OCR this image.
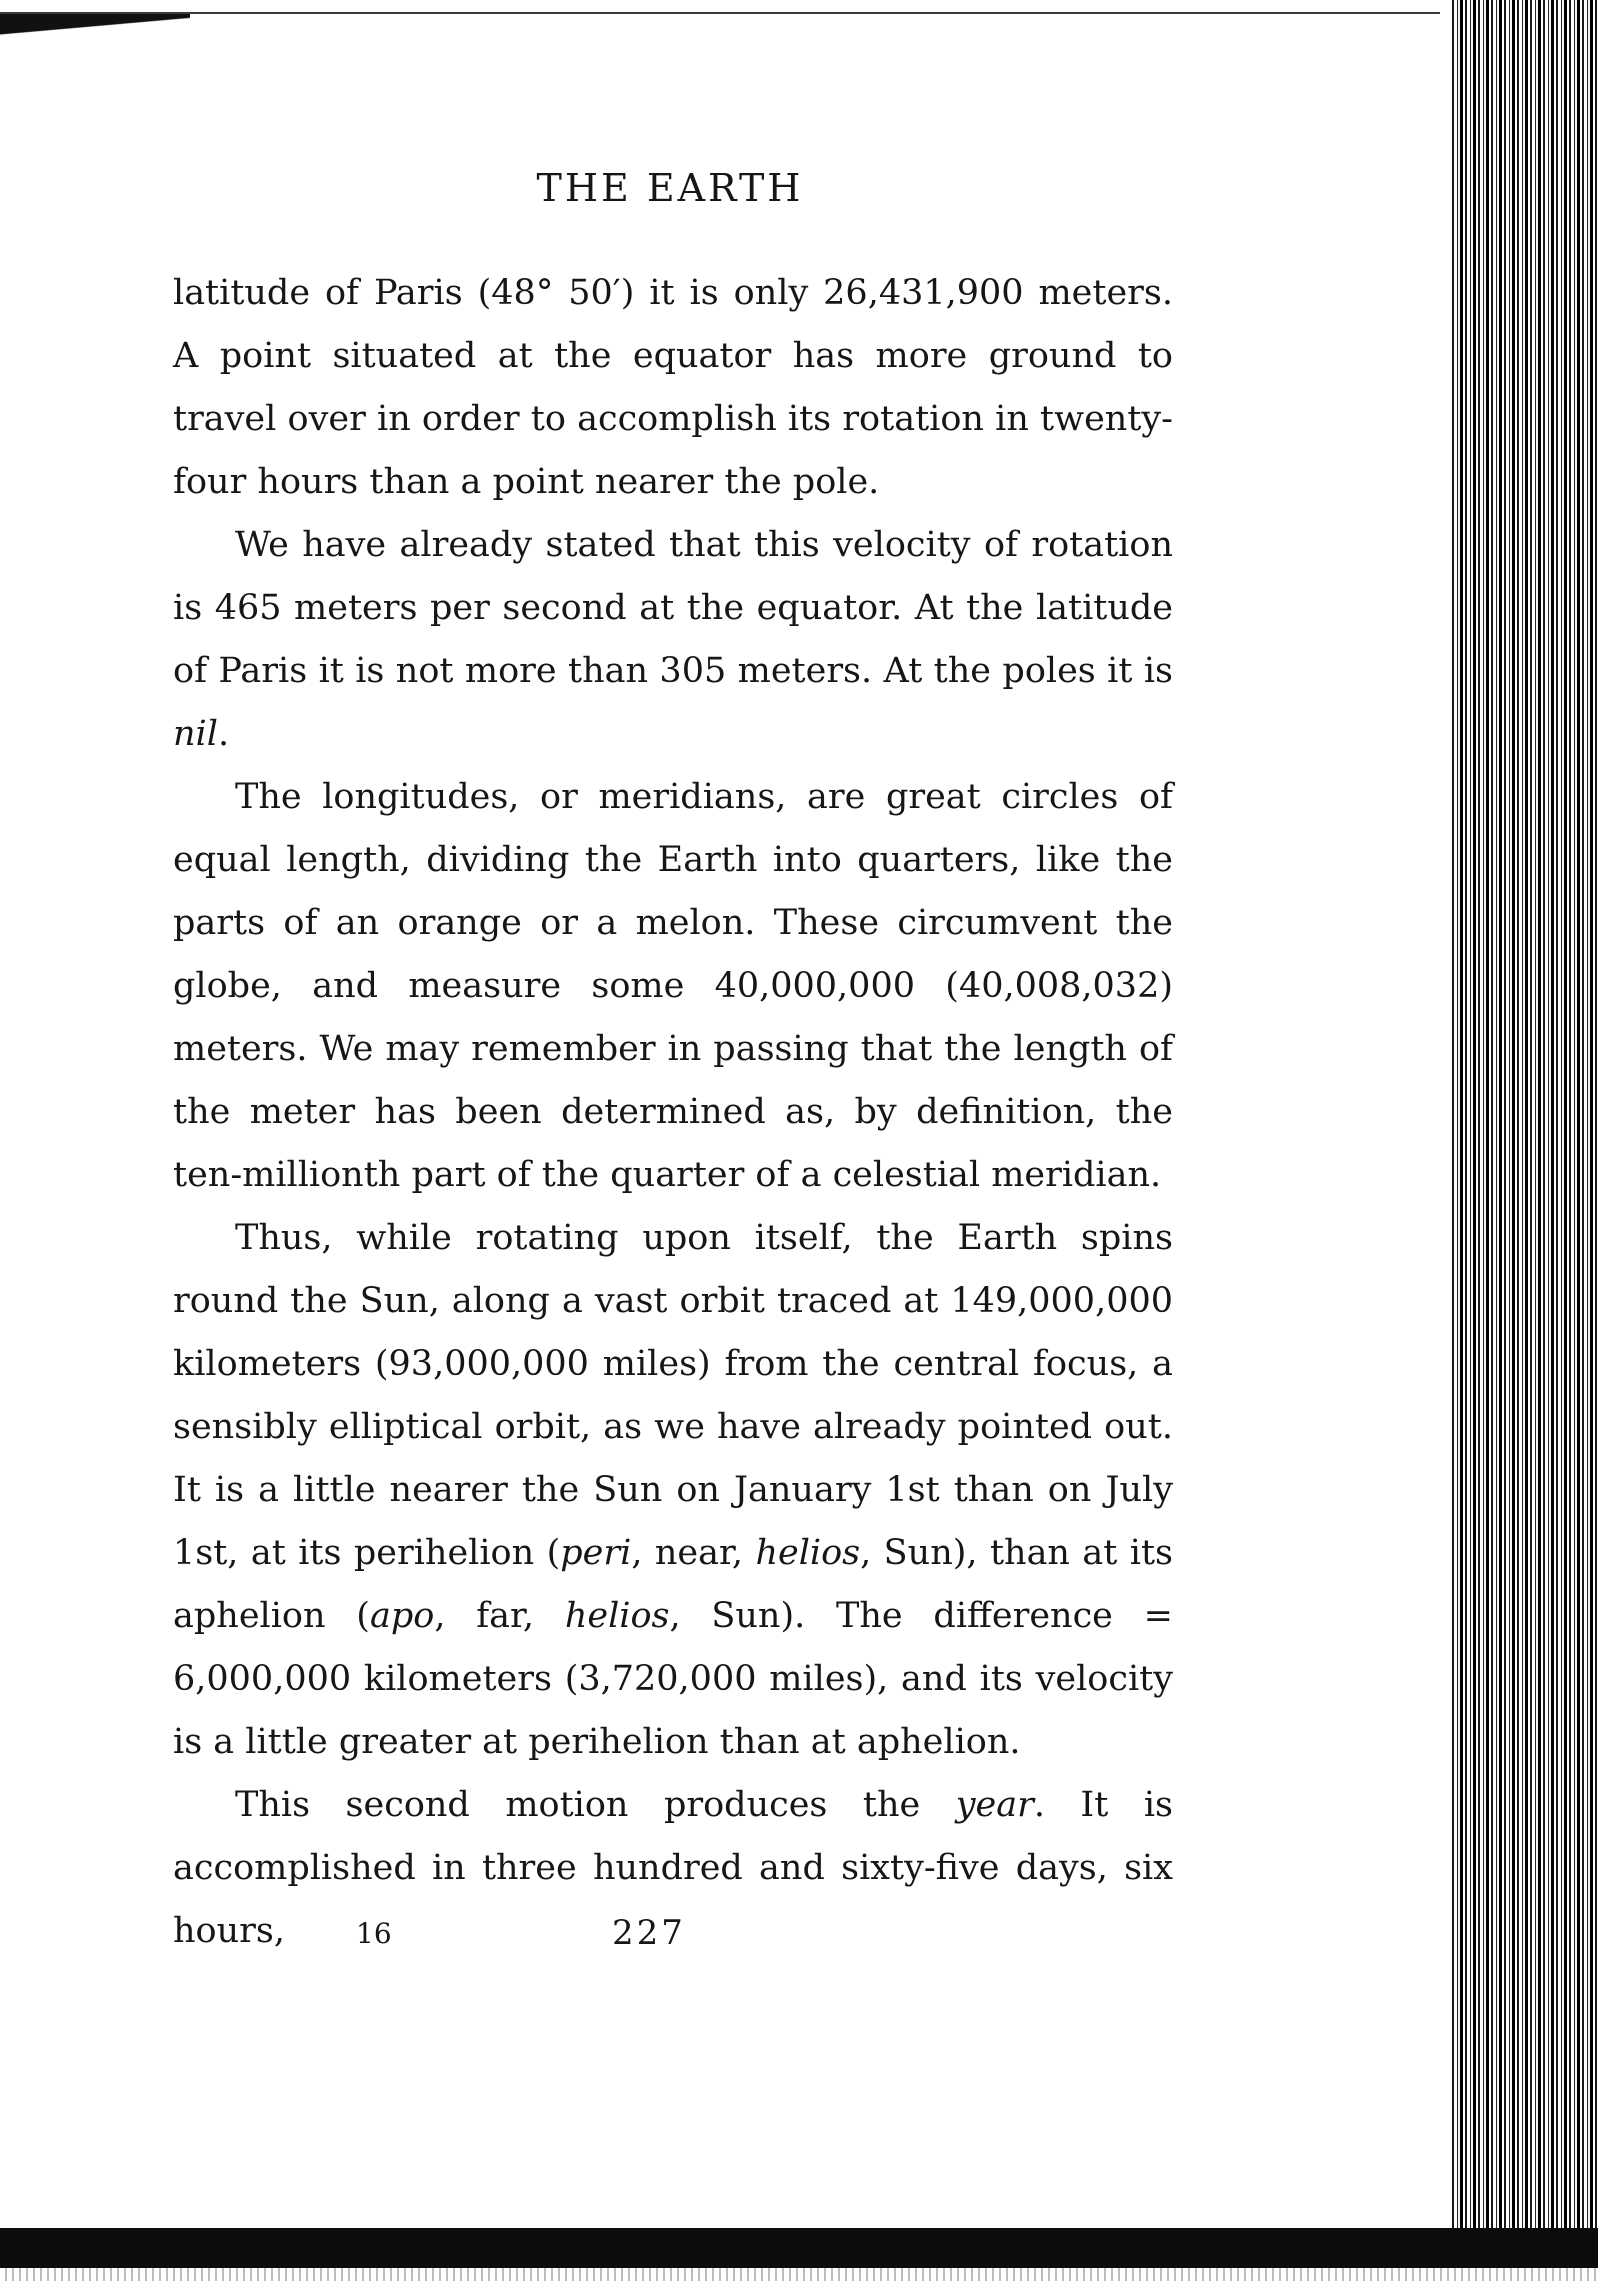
THE EARTH

latitude of Paris (48° 50′) it is only 26,431,900 meters. A point situated at the equator has more ground to travel over in order to accomplish its rotation in twenty-four hours than a point nearer the pole.

We have already stated that this velocity of rotation is 465 meters per second at the equator. At the latitude of Paris it is not more than 305 meters. At the poles it is nil.

The longitudes, or meridians, are great circles of equal length, dividing the Earth into quarters, like the parts of an orange or a melon. These circumvent the globe, and measure some 40,000,000 (40,008,032) meters. We may remember in passing that the length of the meter has been determined as, by definition, the ten-millionth part of the quarter of a celestial meridian.

Thus, while rotating upon itself, the Earth spins round the Sun, along a vast orbit traced at 149,000,000 kilometers (93,000,000 miles) from the central focus, a sensibly elliptical orbit, as we have already pointed out. It is a little nearer the Sun on January 1st than on July 1st, at its perihelion (peri, near, helios, Sun), than at its aphelion (apo, far, helios, Sun). The difference = 6,000,000 kilometers (3,720,000 miles), and its velocity is a little greater at perihelion than at aphelion.

This second motion produces the year. It is accomplished in three hundred and sixty-five days, six hours,	16	227
